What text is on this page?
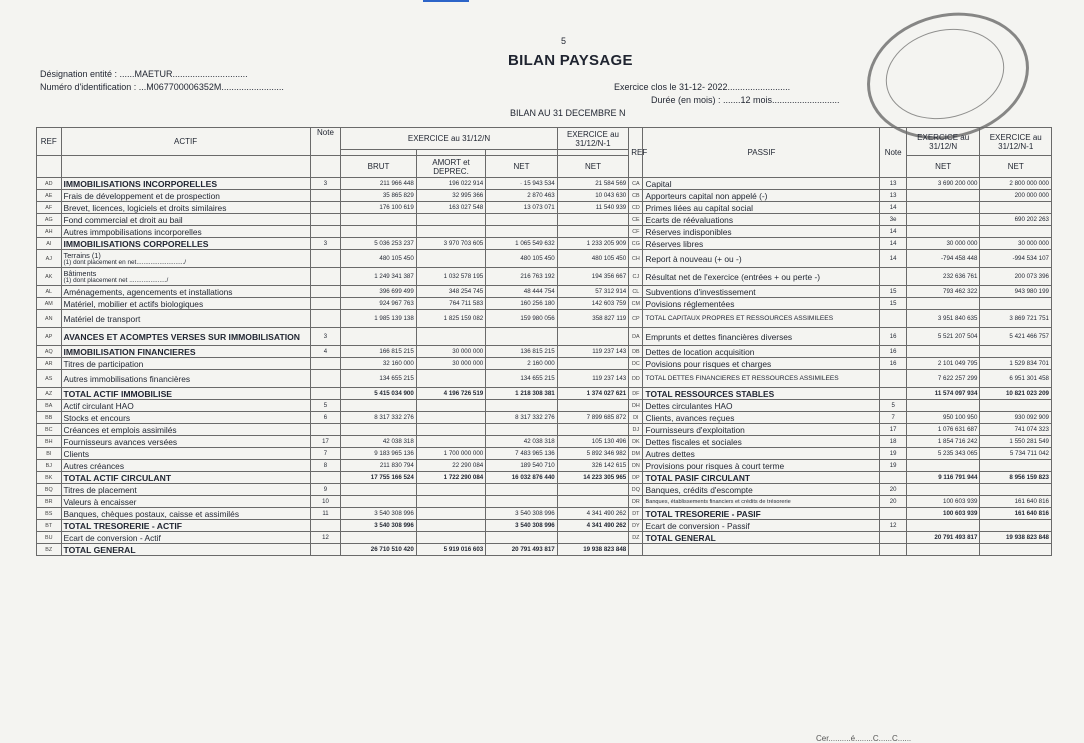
5
BILAN PAYSAGE
Désignation entité : ......MAETUR..............................
Numéro d'identification : ...M067700006352M.........................	Exercice clos le 31-12- 2022.........................
Durée (en mois) : .......12 mois...........................
BILAN AU 31 DECEMBRE N
REF	ACTIF	Note	EXERCICE au 31/12/N			EXERCICE au 31/12/N-1	REF	PASSIF	Note	EXERCICE au 31/12/N	EXERCICE au 31/12/N-1

			BRUT	AMORT et DEPREC.	NET	NET				NET	NET
AD	IMMOBILISATIONS INCORPORELLES	3	211 966 448	196 022 914	· 15 943 534	21 584 569	CA	Capital	13	3 690 200 000	2 800 000 000
AE	Frais de développement et de prospection		35 865 829	32 995 366	2 870 463	10 043 630	CB	Apporteurs capital non appelé (-)	13		200 000 000
AF	Brevet, licences, logiciels et droits similaires		176 100 619	163 027 548	13 073 071	11 540 939	CD	Primes liées au capital social	14		
AG	Fond commercial et droit au bail						CE	Ecarts de réévaluations	3e		690 202 263
AH	Autres immpobilisations incorporelles						CF	Réserves indisponibles	14		
AI	IMMOBILISATIONS CORPORELLES	3	5 036 253 237	3 970 703 605	1 065 549 632	1 233 205 909	CG	Réserves libres	14	30 000 000	30 000 000
AJ	Terrains (1)
(1) dont placement en net.........................../		480 105 450		480 105 450	480 105 450	CH	Report à nouveau (+ ou -)	14	-794 458 448	-994 534 107
AK	Bâtiments
(1) dont placement net ...................../		1 249 341 387	1 032 578 195	216 763 192	194 356 667	CJ	Résultat net de l'exercice (entrées + ou perte -)		232 636 761	200 073 396
AL	Aménagements, agencements et installations		396 699 499	348 254 745	48 444 754	57 312 914	CL	Subventions d'investissement	15	793 462 322	943 980 199
AM	Matériel, mobilier et actifs biologiques		924 967 763	764 711 583	160 256 180	142 603 759	CM	Povisions réglementées	15		
AN	Matériel de transport		1 985 139 138	1 825 159 082	159 980 056	358 827 119	CP	TOTAL CAPITAUX PROPRES ET RESSOURCES ASSIMILEES		3 951 840 635	3 869 721 751
AP	AVANCES ET ACOMPTES VERSES SUR IMMOBILISATION	3					DA	Emprunts et dettes financières diverses	16	5 521 207 504	5 421 466 757
AQ	IMMOBILISATION FINANCIERES	4	166 815 215	30 000 000	136 815 215	119 237 143	DB	Dettes de location acquisition	16		
AR	Titres de participation		32 160 000	30 000 000	2 160 000		DC	Povisions pour risques et charges	16	2 101 049 795	1 529 834 701
AS	Autres immobilisations financières		134 655 215		134 655 215	119 237 143	DD	TOTAL DETTES FINANCIERES ET RESSOURCES ASSIMILEES		7 622 257 299	6 951 301 458
AZ	TOTAL ACTIF IMMOBILISE		5 415 034 900	4 196 726 519	1 218 308 381	1 374 027 621	DF	TOTAL RESSOURCES STABLES		11 574 097 934	10 821 023 209
BA	Actif circulant HAO	5					DH	Dettes circulantes HAO	5		
BB	Stocks et encours	6	8 317 332 276		8 317 332 276	7 899 685 872	DI	Clients, avances reçues	7	950 100 950	930 092 909
BC	Créances et emplois assimilés						DJ	Fournisseurs d'exploitation	17	1 076 631 687	741 074 323
BH	Fournisseurs avances versées	17	42 038 318		42 038 318	105 130 496	DK	Dettes fiscales et sociales	18	1 854 716 242	1 550 281 549
BI	Clients	7	9 183 965 136	1 700 000 000	7 483 965 136	5 892 346 982	DM	Autres dettes	19	5 235 343 065	5 734 711 042
BJ	Autres créances	8	211 830 794	22 290 084	189 540 710	326 142 615	DN	Provisions pour risques à court terme	19		
BK	TOTAL ACTIF CIRCULANT		17 755 166 524	1 722 290 084	16 032 876 440	14 223 305 965	DP	TOTAL PASIF CIRCULANT		9 116 791 944	8 956 159 823
BQ	Titres de placement	9					DQ	Banques, crédits d'escompte	20		
BR	Valeurs à encaisser	10					DR	Banques, établissements financiers et crédits de trésorerie	20	100 603 939	161 640 816
BS	Banques, chèques postaux, caisse et assimilés	11	3 540 308 996		3 540 308 996	4 341 490 262	DT	TOTAL TRESORERIE - PASIF		100 603 939	161 640 816
BT	TOTAL TRESORERIE - ACTIF		3 540 308 996		3 540 308 996	4 341 490 262	DY	Ecart de conversion - Passif	12		
BU	Ecart de conversion - Actif	12					DZ	TOTAL GENERAL		20 791 493 817	19 938 823 848
BZ	TOTAL GENERAL		26 710 510 420	5 919 016 603	20 791 493 817	19 938 823 848					
Cer..........é........C......C......
